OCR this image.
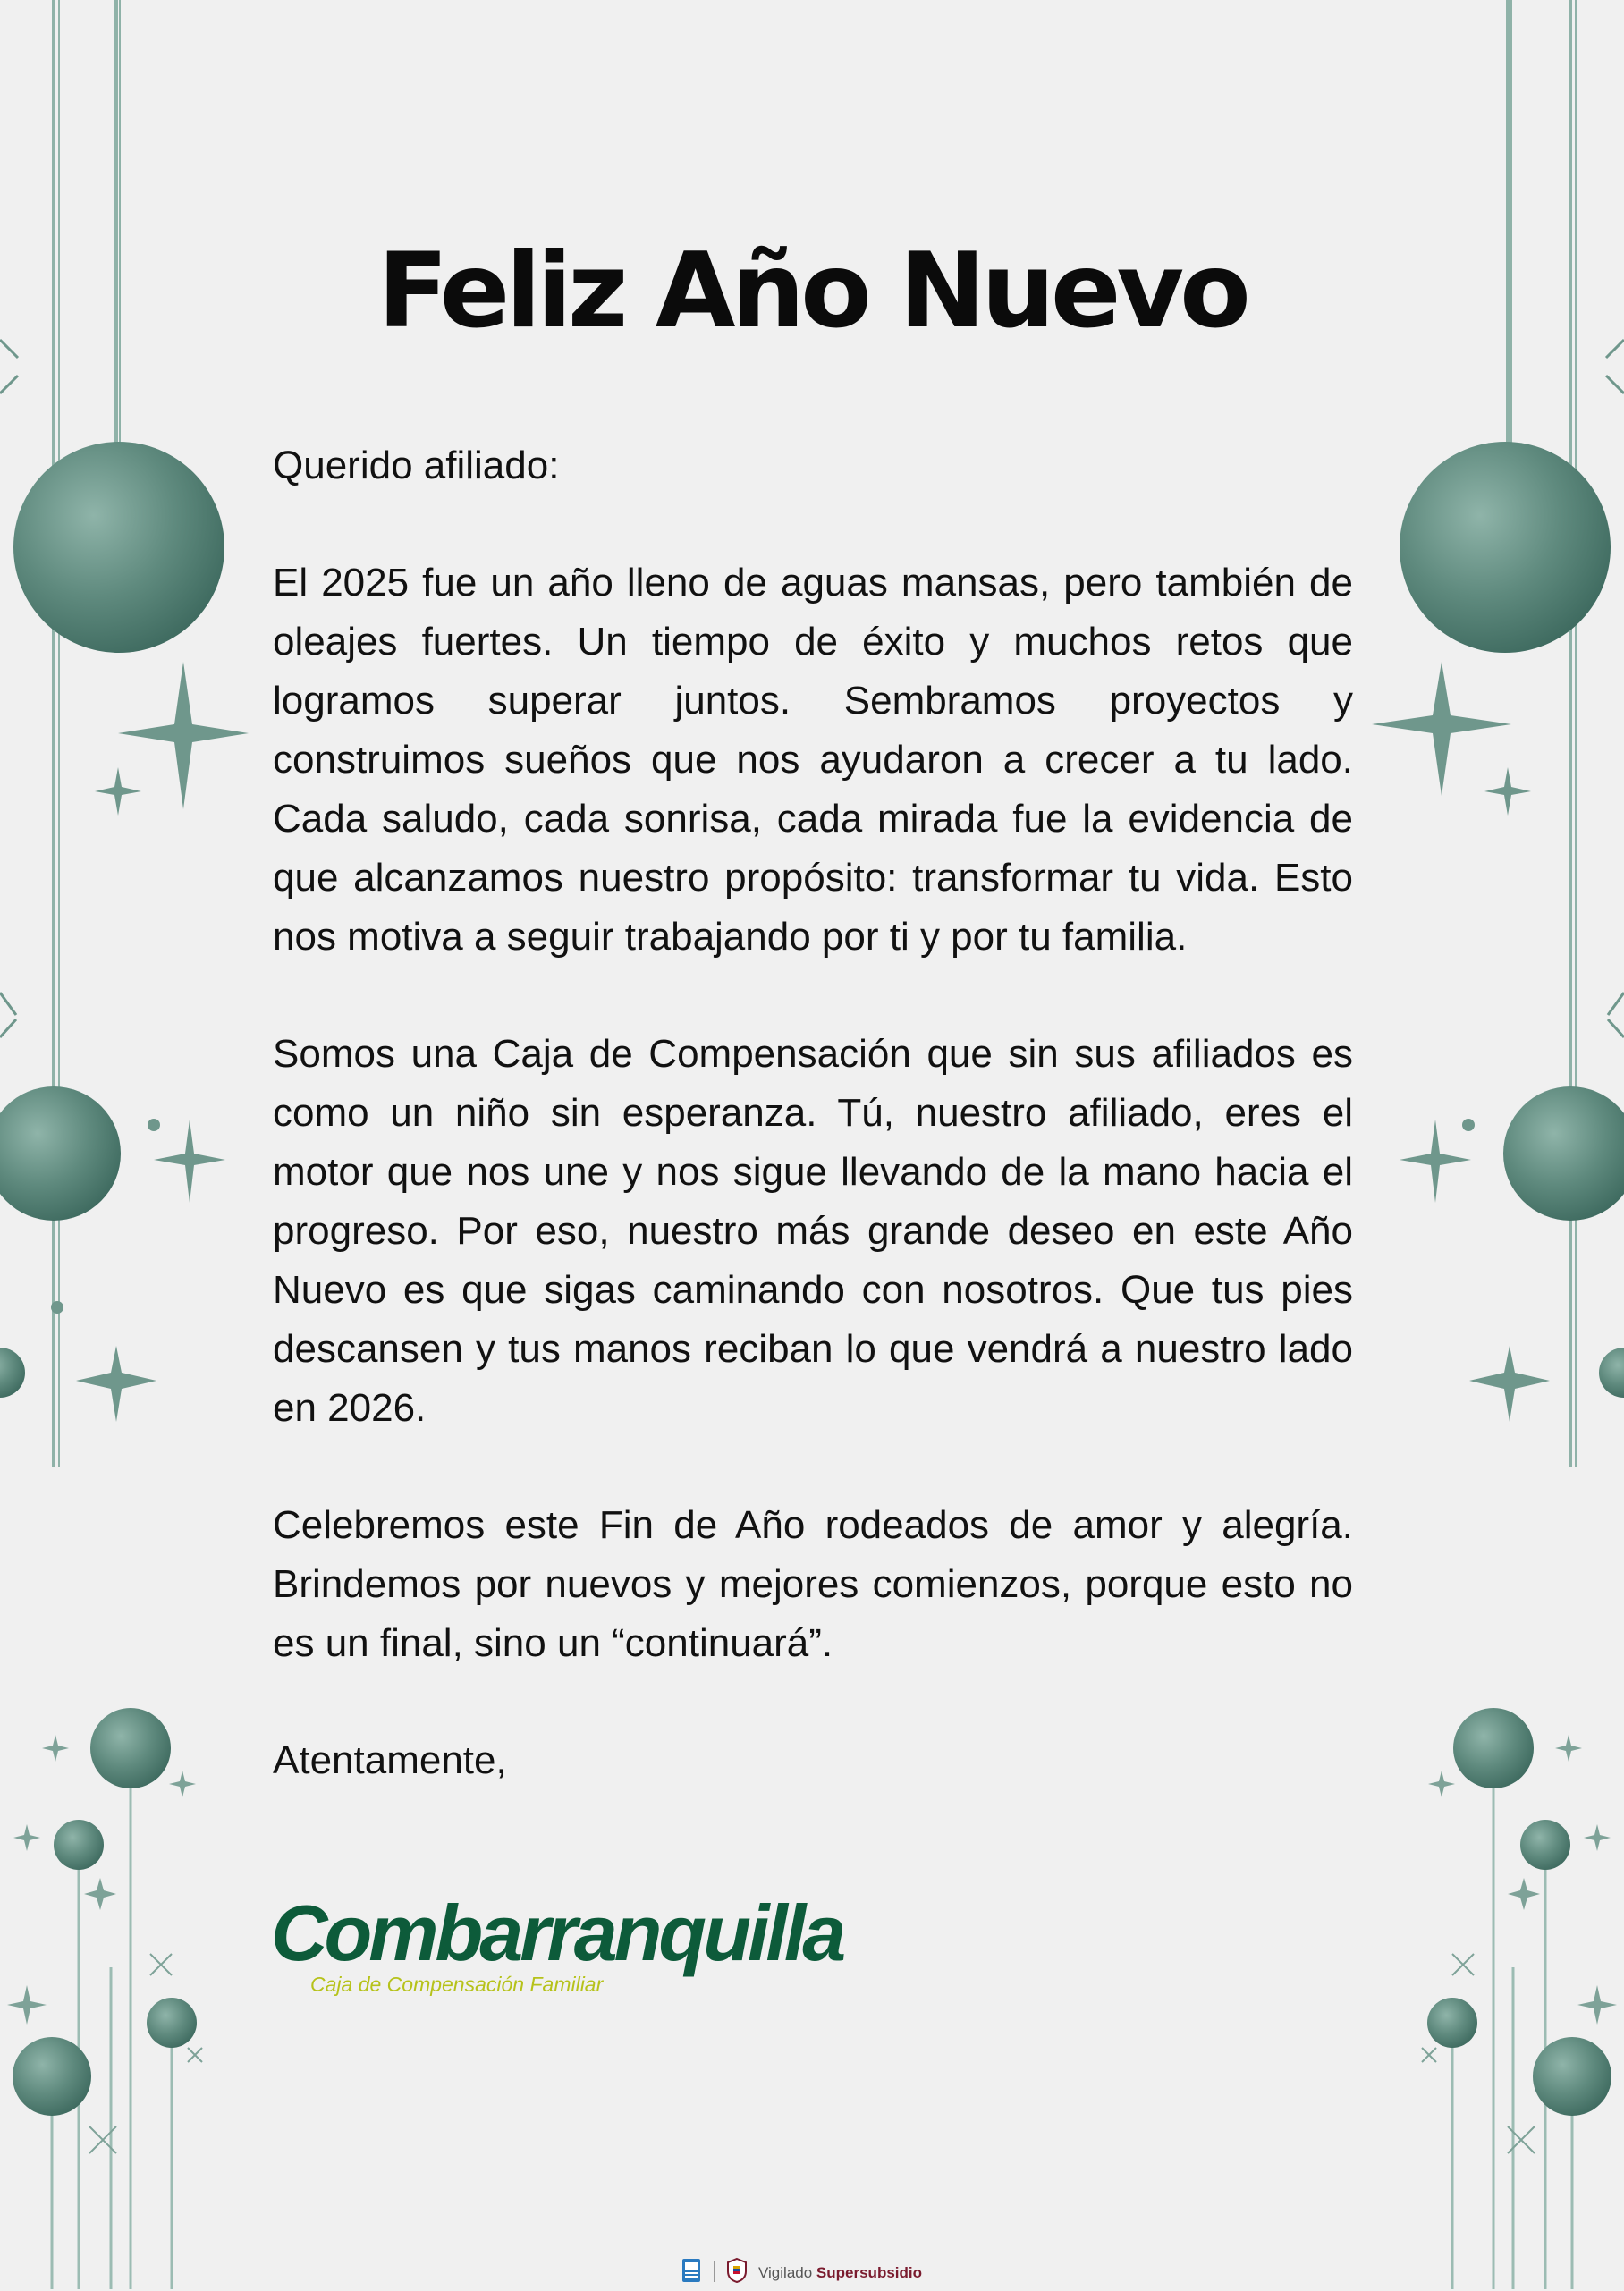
Feliz Año Nuevo

Querido afiliado:

El 2025 fue un año lleno de aguas mansas, pero también de oleajes fuertes. Un tiempo de éxito y muchos retos que logramos superar juntos. Sembramos proyectos y construimos sueños que nos ayudaron a crecer a tu lado. Cada saludo, cada sonrisa, cada mirada fue la evidencia de que alcanzamos nuestro propósito: transformar tu vida. Esto nos motiva a seguir trabajando por ti y por tu familia.

Somos una Caja de Compensación que sin sus afiliados es como un niño sin esperanza. Tú, nuestro afiliado, eres el motor que nos une y nos sigue llevando de la mano hacia el progreso. Por eso, nuestro más grande deseo en este Año Nuevo es que sigas caminando con nosotros. Que tus pies descansen y tus manos reciban lo que vendrá a nuestro lado en 2026.

Celebremos este Fin de Año rodeados de amor y alegría. Brindemos por nuevos y mejores comienzos, porque esto no es un final, sino un “continuará”.

Atentamente,

Combarranquilla
Caja de Compensación Familiar
Vigilado Supersubsidio
